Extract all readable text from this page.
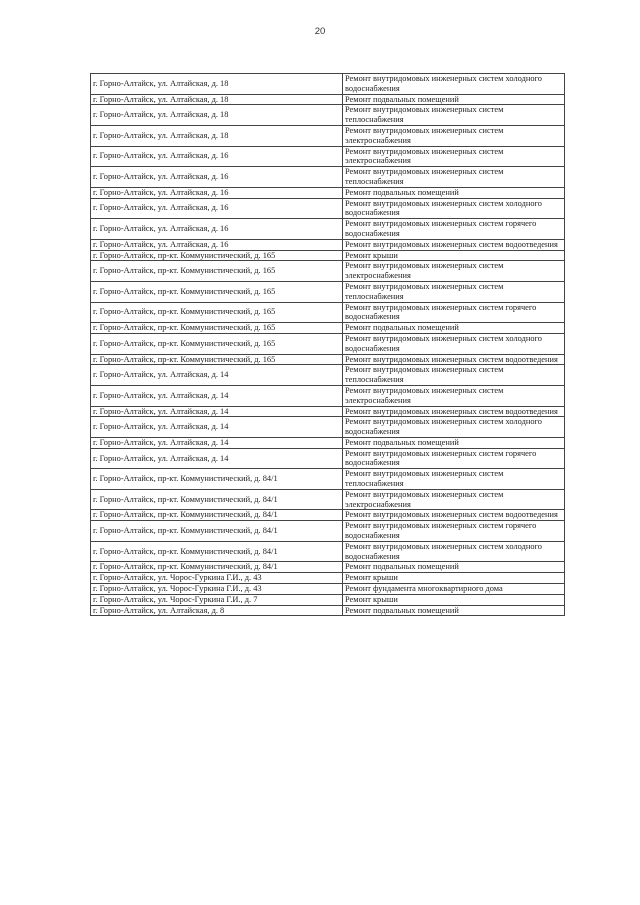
20
г. Горно-Алтайск, ул. Алтайская, д. 18	Ремонт внутридомовых инженерных систем холодного водоснабжения
г. Горно-Алтайск, ул. Алтайская, д. 18	Ремонт подвальных помещений
г. Горно-Алтайск, ул. Алтайская, д. 18	Ремонт внутридомовых инженерных систем теплоснабжения
г. Горно-Алтайск, ул. Алтайская, д. 18	Ремонт внутридомовых инженерных систем электроснабжения
г. Горно-Алтайск, ул. Алтайская, д. 16	Ремонт внутридомовых инженерных систем электроснабжения
г. Горно-Алтайск, ул. Алтайская, д. 16	Ремонт внутридомовых инженерных систем теплоснабжения
г. Горно-Алтайск, ул. Алтайская, д. 16	Ремонт подвальных помещений
г. Горно-Алтайск, ул. Алтайская, д. 16	Ремонт внутридомовых инженерных систем холодного водоснабжения
г. Горно-Алтайск, ул. Алтайская, д. 16	Ремонт внутридомовых инженерных систем горячего водоснабжения
г. Горно-Алтайск, ул. Алтайская, д. 16	Ремонт внутридомовых инженерных систем водоотведения
г. Горно-Алтайск, пр-кт. Коммунистический, д. 165	Ремонт крыши
г. Горно-Алтайск, пр-кт. Коммунистический, д. 165	Ремонт внутридомовых инженерных систем электроснабжения
г. Горно-Алтайск, пр-кт. Коммунистический, д. 165	Ремонт внутридомовых инженерных систем теплоснабжения
г. Горно-Алтайск, пр-кт. Коммунистический, д. 165	Ремонт внутридомовых инженерных систем горячего водоснабжения
г. Горно-Алтайск, пр-кт. Коммунистический, д. 165	Ремонт подвальных помещений
г. Горно-Алтайск, пр-кт. Коммунистический, д. 165	Ремонт внутридомовых инженерных систем холодного водоснабжения
г. Горно-Алтайск, пр-кт. Коммунистический, д. 165	Ремонт внутридомовых инженерных систем водоотведения
г. Горно-Алтайск, ул. Алтайская, д. 14	Ремонт внутридомовых инженерных систем теплоснабжения
г. Горно-Алтайск, ул. Алтайская, д. 14	Ремонт внутридомовых инженерных систем электроснабжения
г. Горно-Алтайск, ул. Алтайская, д. 14	Ремонт внутридомовых инженерных систем водоотведения
г. Горно-Алтайск, ул. Алтайская, д. 14	Ремонт внутридомовых инженерных систем холодного водоснабжения
г. Горно-Алтайск, ул. Алтайская, д. 14	Ремонт подвальных помещений
г. Горно-Алтайск, ул. Алтайская, д. 14	Ремонт внутридомовых инженерных систем горячего водоснабжения
г. Горно-Алтайск, пр-кт. Коммунистический, д. 84/1	Ремонт внутридомовых инженерных систем теплоснабжения
г. Горно-Алтайск, пр-кт. Коммунистический, д. 84/1	Ремонт внутридомовых инженерных систем электроснабжения
г. Горно-Алтайск, пр-кт. Коммунистический, д. 84/1	Ремонт внутридомовых инженерных систем водоотведения
г. Горно-Алтайск, пр-кт. Коммунистический, д. 84/1	Ремонт внутридомовых инженерных систем горячего водоснабжения
г. Горно-Алтайск, пр-кт. Коммунистический, д. 84/1	Ремонт внутридомовых инженерных систем холодного водоснабжения
г. Горно-Алтайск, пр-кт. Коммунистический, д. 84/1	Ремонт подвальных помещений
г. Горно-Алтайск, ул. Чорос-Гуркина Г.И., д. 43	Ремонт крыши
г. Горно-Алтайск, ул. Чорос-Гуркина Г.И., д. 43	Ремонт фундамента многоквартирного дома
г. Горно-Алтайск, ул. Чорос-Гуркина Г.И., д. 7	Ремонт крыши
г. Горно-Алтайск, ул. Алтайская, д. 8	Ремонт подвальных помещений
